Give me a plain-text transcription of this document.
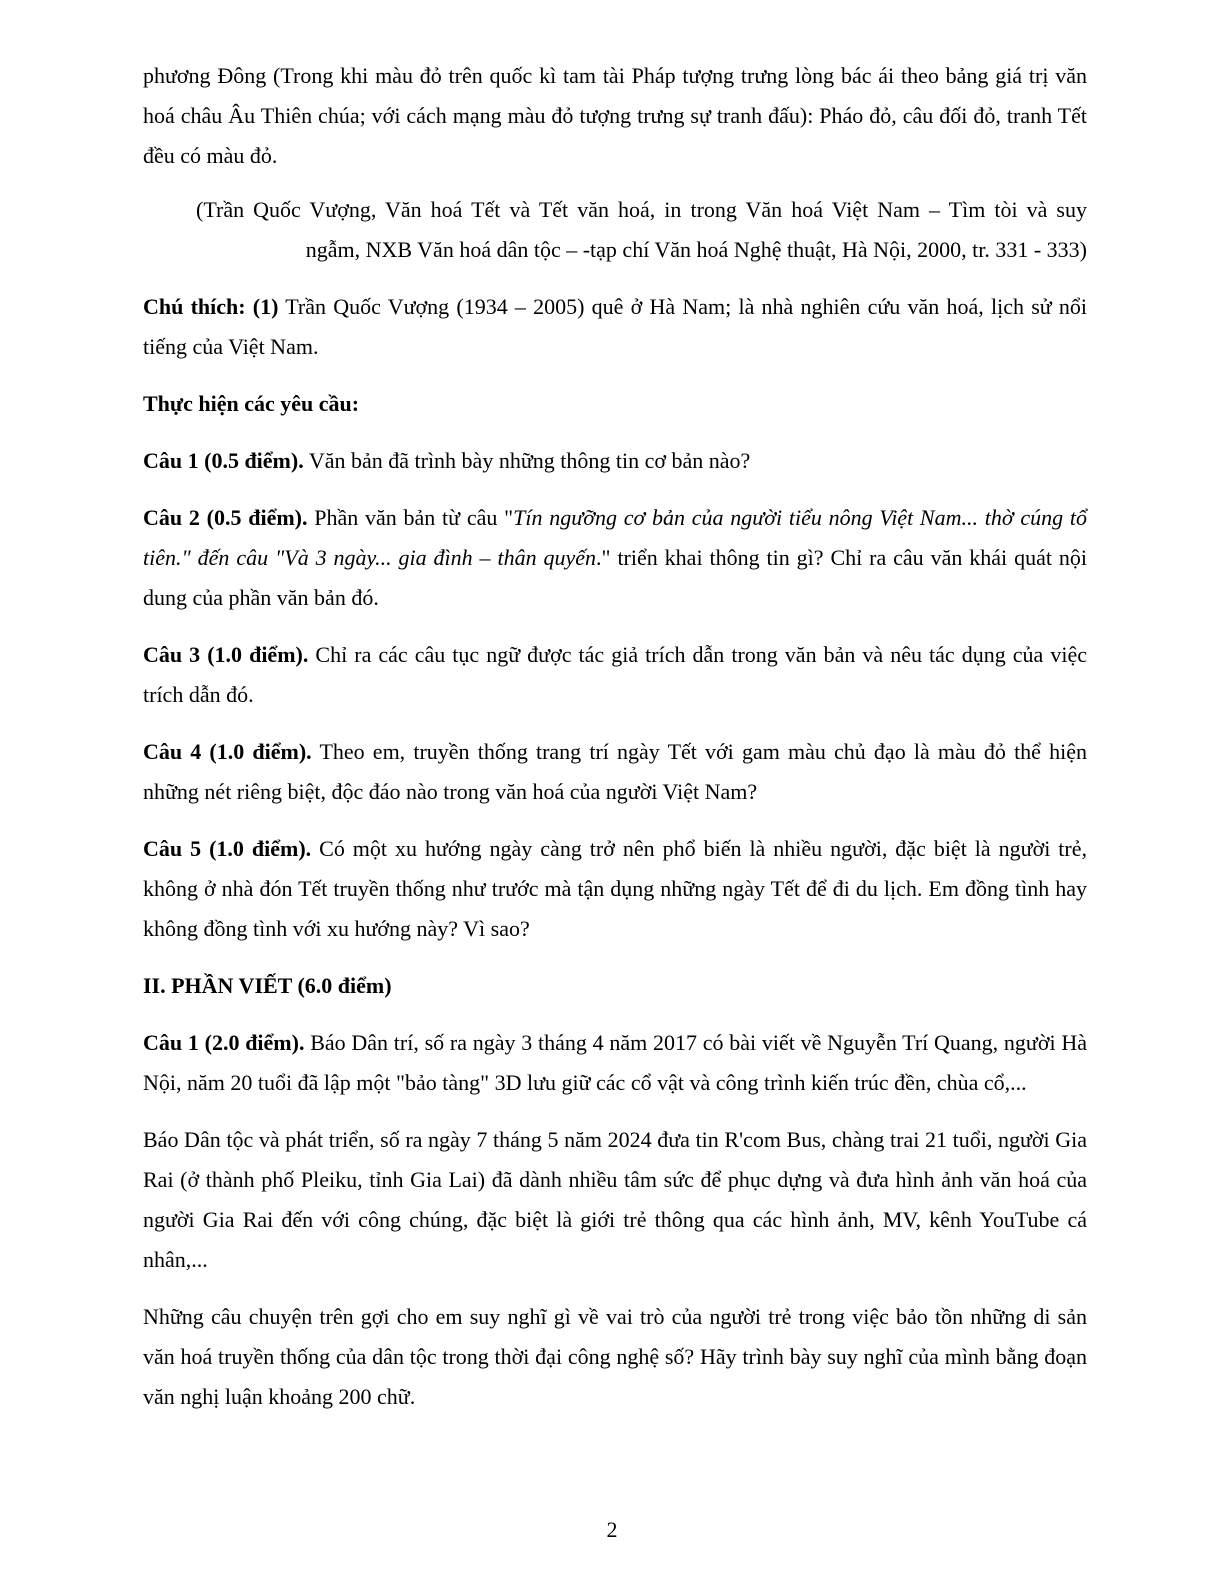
phương Đông (Trong khi màu đỏ trên quốc kì tam tài Pháp tượng trưng lòng bác ái theo bảng giá trị văn hoá châu Âu Thiên chúa; với cách mạng màu đỏ tượng trưng sự tranh đấu): Pháo đỏ, câu đối đỏ, tranh Tết đều có màu đỏ.

(Trần Quốc Vượng, Văn hoá Tết và Tết văn hoá, in trong Văn hoá Việt Nam – Tìm tòi và suy
ngẫm, NXB Văn hoá dân tộc – -tạp chí Văn hoá Nghệ thuật, Hà Nội, 2000, tr. 331 - 333)

Chú thích: (1) Trần Quốc Vượng (1934 – 2005) quê ở Hà Nam; là nhà nghiên cứu văn hoá, lịch sử nổi tiếng của Việt Nam.

Thực hiện các yêu cầu:

Câu 1 (0.5 điểm). Văn bản đã trình bày những thông tin cơ bản nào?

Câu 2 (0.5 điểm). Phần văn bản từ câu "Tín ngưỡng cơ bản của người tiểu nông Việt Nam... thờ cúng tổ tiên." đến câu "Và 3 ngày... gia đình – thân quyến." triển khai thông tin gì? Chỉ ra câu văn khái quát nội dung của phần văn bản đó.

Câu 3 (1.0 điểm). Chỉ ra các câu tục ngữ được tác giả trích dẫn trong văn bản và nêu tác dụng của việc trích dẫn đó.

Câu 4 (1.0 điểm). Theo em, truyền thống trang trí ngày Tết với gam màu chủ đạo là màu đỏ thể hiện những nét riêng biệt, độc đáo nào trong văn hoá của người Việt Nam?

Câu 5 (1.0 điểm). Có một xu hướng ngày càng trở nên phổ biến là nhiều người, đặc biệt là người trẻ, không ở nhà đón Tết truyền thống như trước mà tận dụng những ngày Tết để đi du lịch. Em đồng tình hay không đồng tình với xu hướng này? Vì sao?

II. PHẦN VIẾT (6.0 điểm)

Câu 1 (2.0 điểm). Báo Dân trí, số ra ngày 3 tháng 4 năm 2017 có bài viết về Nguyễn Trí Quang, người Hà Nội, năm 20 tuổi đã lập một "bảo tàng" 3D lưu giữ các cổ vật và công trình kiến trúc đền, chùa cổ,...

Báo Dân tộc và phát triển, số ra ngày 7 tháng 5 năm 2024 đưa tin R'com Bus, chàng trai 21 tuổi, người Gia Rai (ở thành phố Pleiku, tỉnh Gia Lai) đã dành nhiều tâm sức để phục dựng và đưa hình ảnh văn hoá của người Gia Rai đến với công chúng, đặc biệt là giới trẻ thông qua các hình ảnh, MV, kênh YouTube cá nhân,...

Những câu chuyện trên gợi cho em suy nghĩ gì về vai trò của người trẻ trong việc bảo tồn những di sản văn hoá truyền thống của dân tộc trong thời đại công nghệ số? Hãy trình bày suy nghĩ của mình bằng đoạn văn nghị luận khoảng 200 chữ.

2
